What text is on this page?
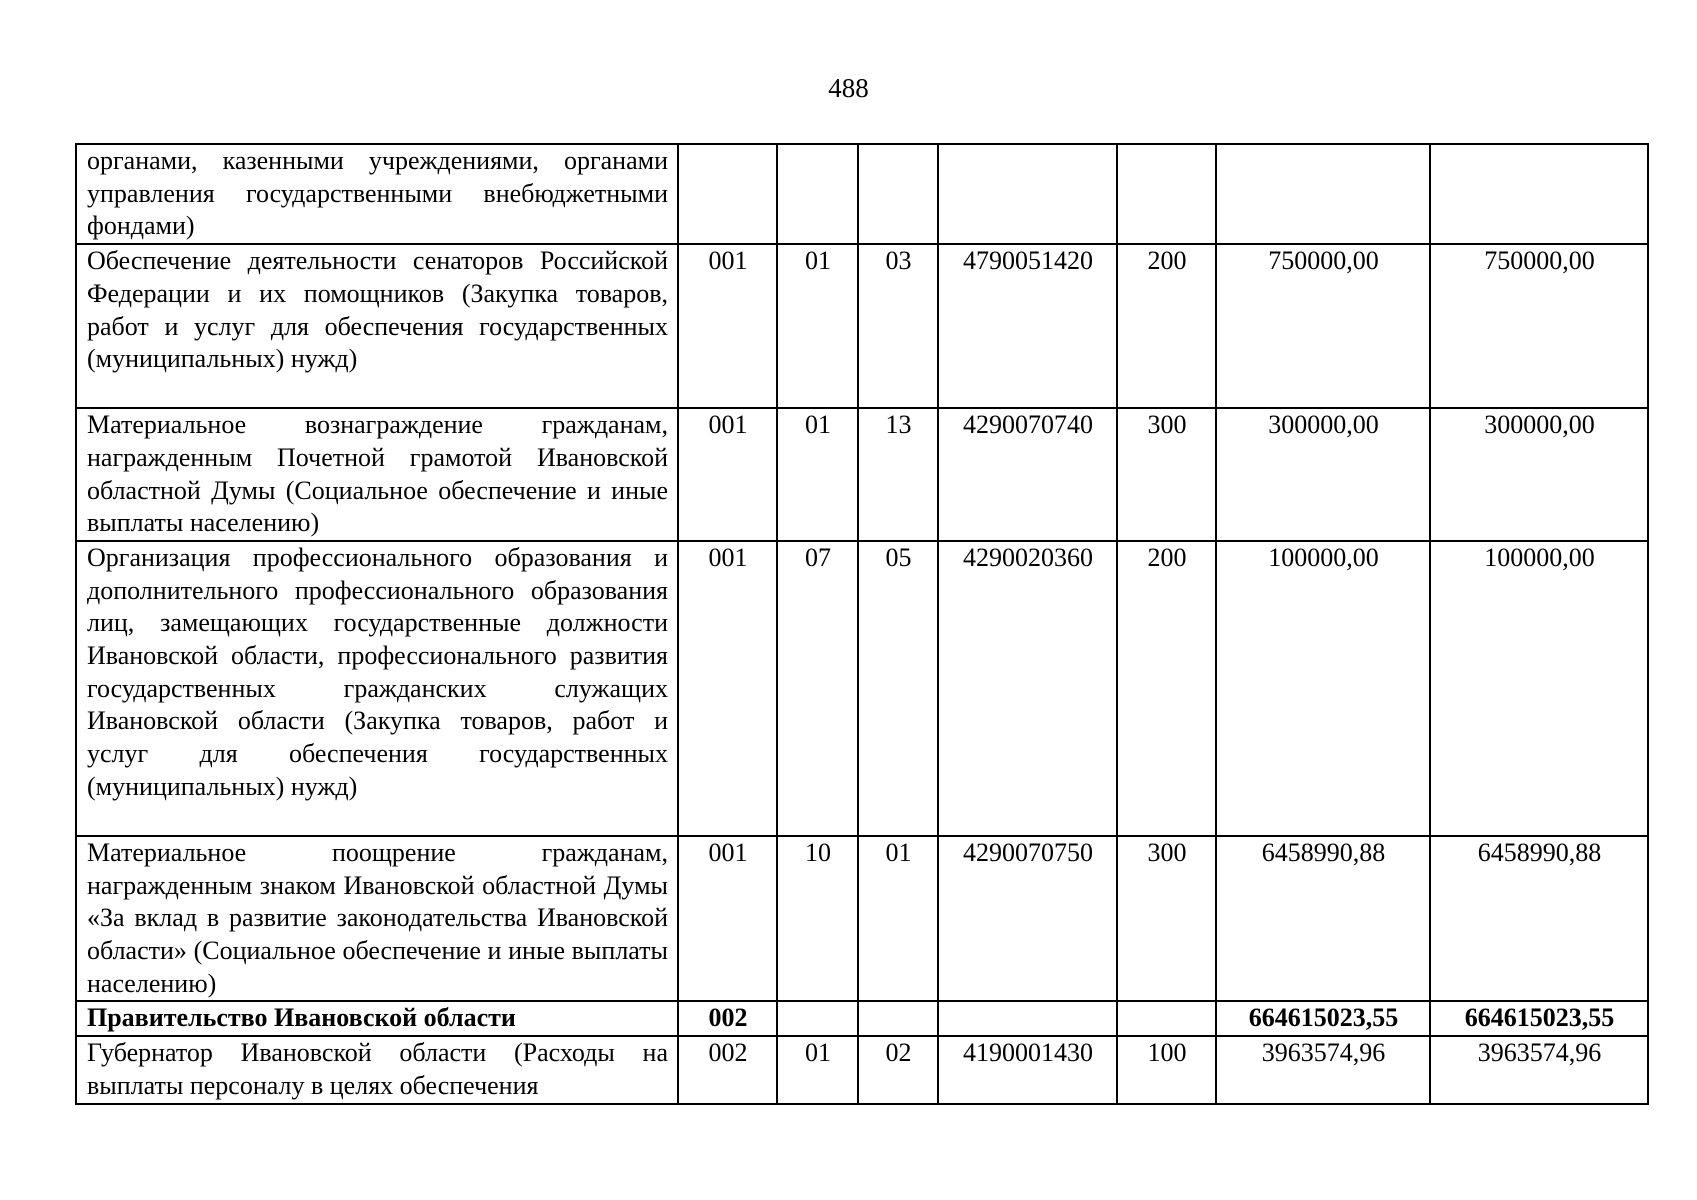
488
органами, казенными учреждениями, органами управления государственными внебюджетными фондами)							
Обеспечение деятельности сенаторов Российской Федерации и их помощников (Закупка товаров, работ и услуг для обеспечения государственных (муниципальных) нужд)	001	01	03	4790051420	200	750000,00	750000,00
Материальное вознаграждение гражданам, награжденным Почетной грамотой Ивановской областной Думы (Социальное обеспечение и иные выплаты населению)	001	01	13	4290070740	300	300000,00	300000,00
Организация профессионального образования и дополнительного профессионального образования лиц, замещающих государственные должности Ивановской области, профессионального развития государственных гражданских служащих Ивановской области (Закупка товаров, работ и услуг для обеспечения государственных (муниципальных) нужд)	001	07	05	4290020360	200	100000,00	100000,00
Материальное поощрение гражданам, награжденным знаком Ивановской областной Думы «За вклад в развитие законодательства Ивановской области» (Социальное обеспечение и иные выплаты населению)	001	10	01	4290070750	300	6458990,88	6458990,88
Правительство Ивановской области	002					664615023,55	664615023,55
Губернатор Ивановской области (Расходы на выплаты персоналу в целях обеспечения	002	01	02	4190001430	100	3963574,96	3963574,96
